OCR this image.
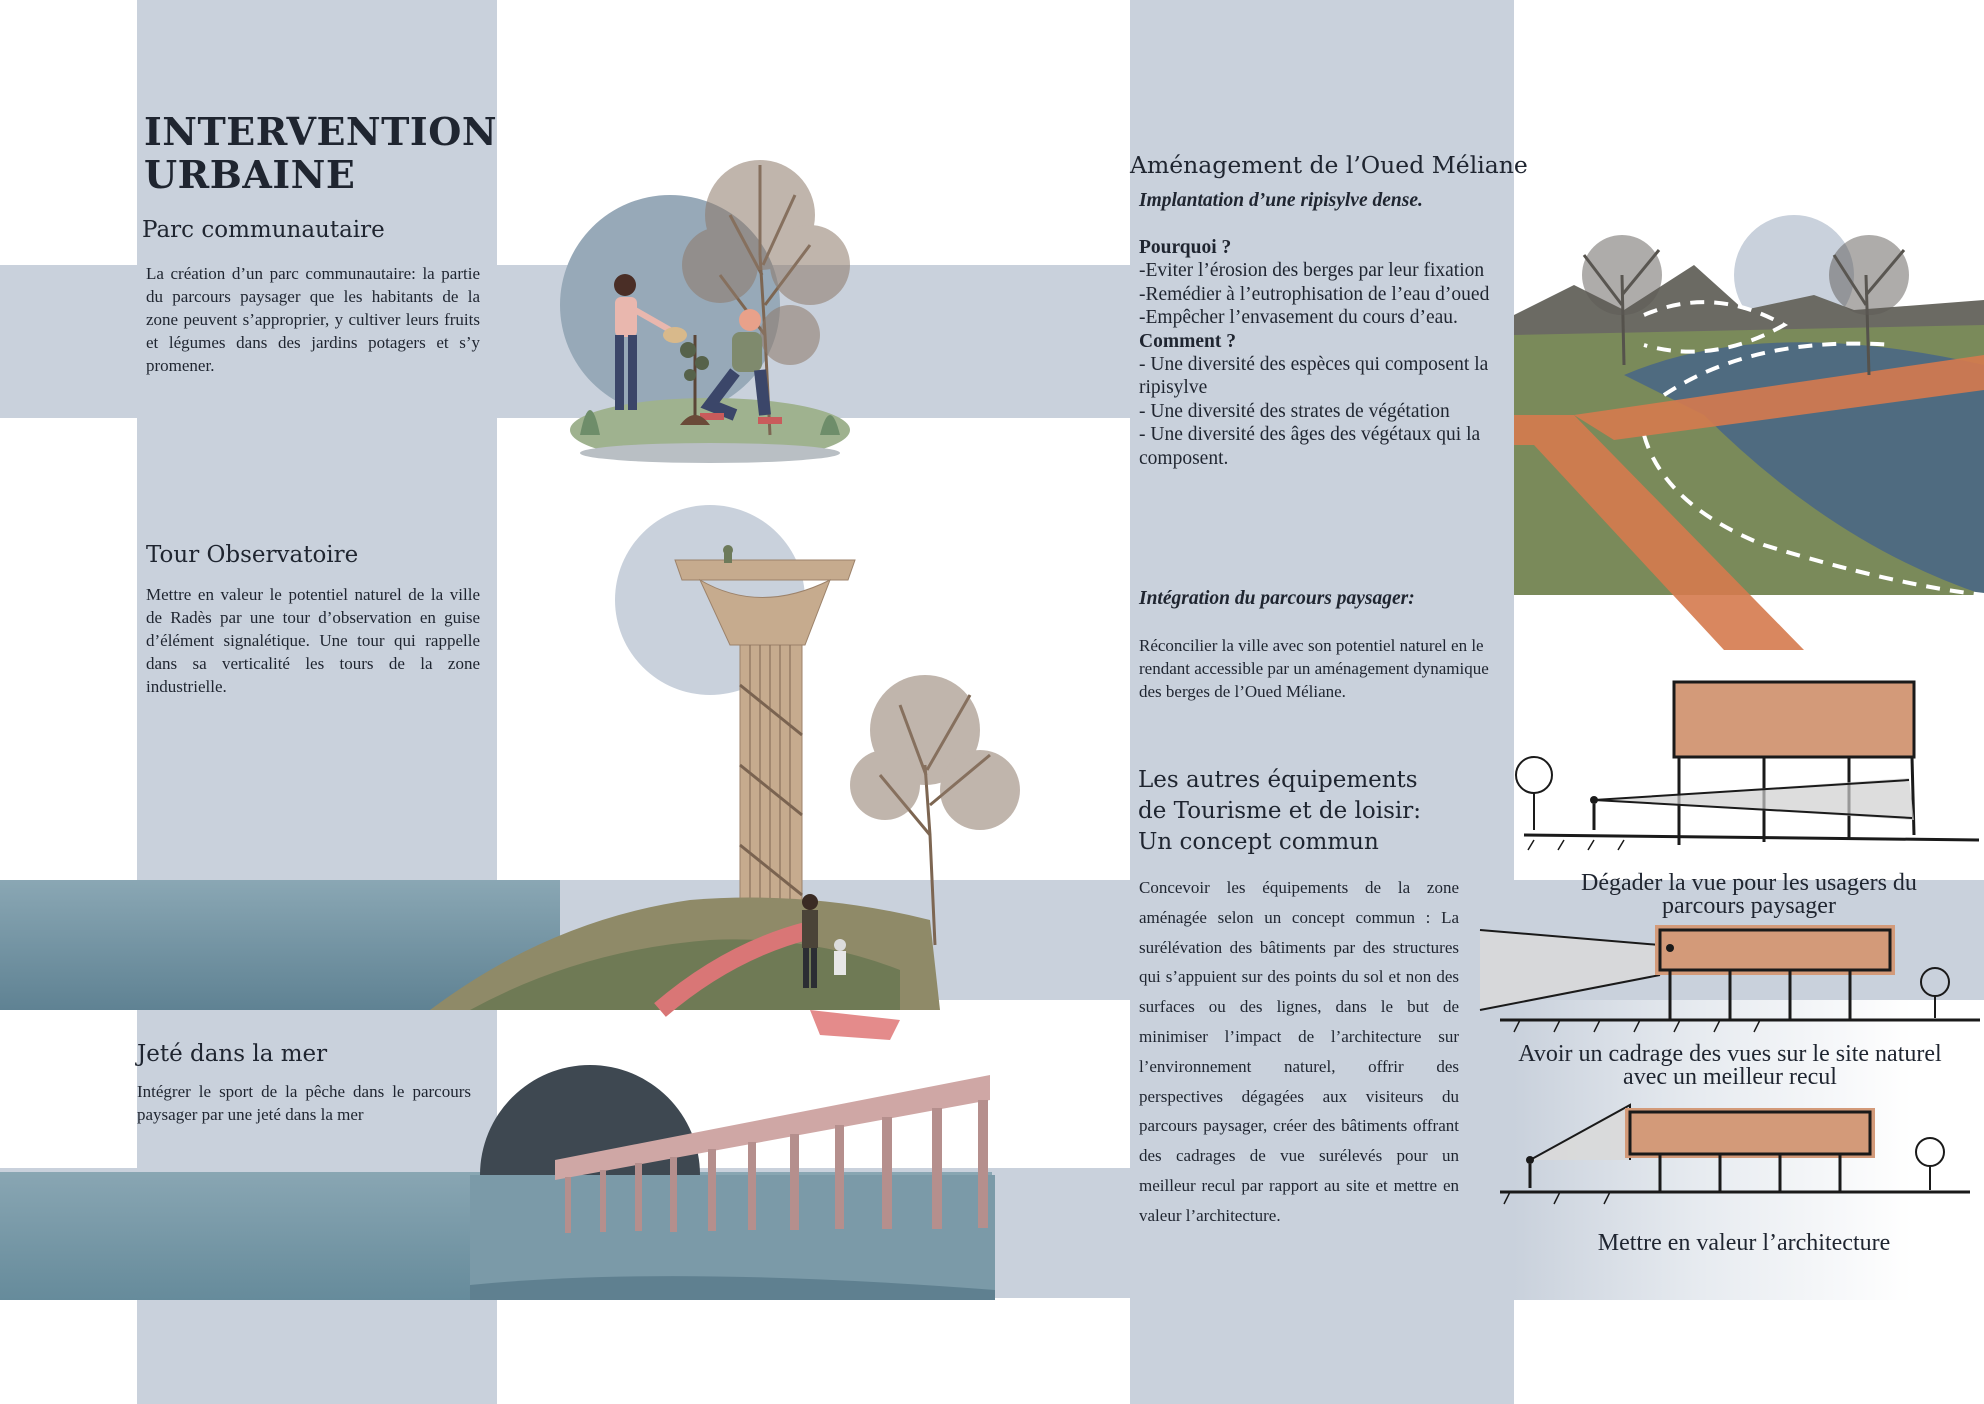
INTERVENTION
URBAINE
Parc communautaire

La création d’un parc communautaire: la partie du parcours paysager que les habitants de la zone peuvent s’approprier, y cultiver leurs fruits et légumes dans des jardins potagers et s’y promener.

Tour Observatoire

Mettre en valeur le potentiel naturel de la ville de Radès par une tour d’observation en guise d’élément signalétique. Une tour qui rappelle dans sa verticalité les tours de la zone industrielle.

Jeté dans la mer

Intégrer le sport de la pêche dans le parcours paysager par une jeté dans la mer

Aménagement de l’Oued Méliane
Implantation d’une ripisylve dense.
Pourquoi ?
-Eviter l’érosion des berges par leur fixation
-Remédier à l’eutrophisation de l’eau d’oued
-Empêcher l’envasement du cours d’eau.
Comment ?
- Une diversité des espèces qui composent la ripisylve
- Une diversité des strates de végétation
- Une diversité des âges des végétaux qui la composent.
Intégration du parcours paysager:

Réconcilier la ville avec son potentiel naturel en le rendant accessible par un aménagement dynamique des berges de l’Oued Méliane.

Les autres équipements
de Tourisme et de loisir:
Un concept commun

Concevoir les équipements de la zone aménagée selon un concept commun : La surélévation des bâtiments par des structures qui s’appuient sur des points du sol et non des surfaces ou des lignes, dans le but de minimiser l’impact de l’architecture sur l’environnement naturel, offrir des perspectives dégagées aux visiteurs du parcours paysager, créer des bâtiments offrant des cadrages de vue surélevés pour un meilleur recul par rapport au site et mettre en valeur l’architecture.

Dégader la vue pour les usagers du
parcours paysager
Avoir un cadrage des vues sur le site naturel
avec un meilleur recul
Mettre en valeur l’architecture
